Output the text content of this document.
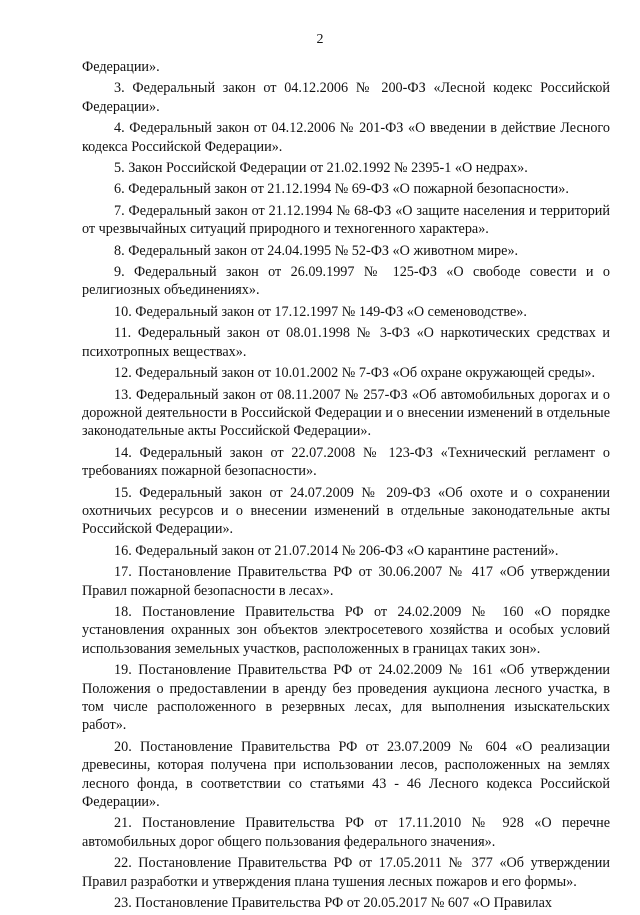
2

Федерации».

3. Федеральный закон от 04.12.2006 № 200-ФЗ «Лесной кодекс Российской Федерации».

4. Федеральный закон от 04.12.2006 № 201-ФЗ «О введении в действие Лесного кодекса Российской Федерации».

5. Закон Российской Федерации от 21.02.1992 № 2395-1 «О недрах».

6. Федеральный закон от 21.12.1994 № 69-ФЗ «О пожарной безопасности».

7. Федеральный закон от 21.12.1994 № 68-ФЗ «О защите населения и территорий от чрезвычайных ситуаций природного и техногенного характера».

8. Федеральный закон от 24.04.1995 № 52-ФЗ «О животном мире».

9. Федеральный закон от 26.09.1997 № 125-ФЗ «О свободе совести и о религиозных объединениях».

10. Федеральный закон от 17.12.1997 № 149-ФЗ «О семеноводстве».

11. Федеральный закон от 08.01.1998 № 3-ФЗ «О наркотических средствах и психотропных веществах».

12. Федеральный закон от 10.01.2002 № 7-ФЗ «Об охране окружающей среды».

13. Федеральный закон от 08.11.2007 № 257-ФЗ «Об автомобильных дорогах и о дорожной деятельности в Российской Федерации и о внесении изменений в отдельные законодательные акты Российской Федерации».

14. Федеральный закон от 22.07.2008 № 123-ФЗ «Технический регламент о требованиях пожарной безопасности».

15. Федеральный закон от 24.07.2009 № 209-ФЗ «Об охоте и о сохранении охотничьих ресурсов и о внесении изменений в отдельные законодательные акты Российской Федерации».

16. Федеральный закон от 21.07.2014 № 206-ФЗ «О карантине растений».

17. Постановление Правительства РФ от 30.06.2007 № 417 «Об утверждении Правил пожарной безопасности в лесах».

18. Постановление Правительства РФ от 24.02.2009 № 160 «О порядке установления охранных зон объектов электросетевого хозяйства и особых условий использования земельных участков, расположенных в границах таких зон».

19. Постановление Правительства РФ от 24.02.2009 № 161 «Об утверждении Положения о предоставлении в аренду без проведения аукциона лесного участка, в том числе расположенного в резервных лесах, для выполнения изыскательских работ».

20. Постановление Правительства РФ от 23.07.2009 № 604 «О реализации древесины, которая получена при использовании лесов, расположенных на землях лесного фонда, в соответствии со статьями 43 - 46 Лесного кодекса Российской Федерации».

21. Постановление Правительства РФ от 17.11.2010 № 928 «О перечне автомобильных дорог общего пользования федерального значения».

22. Постановление Правительства РФ от 17.05.2011 № 377 «Об утверждении Правил разработки и утверждения плана тушения лесных пожаров и его формы».

23. Постановление Правительства РФ от 20.05.2017 № 607 «О Правилах
